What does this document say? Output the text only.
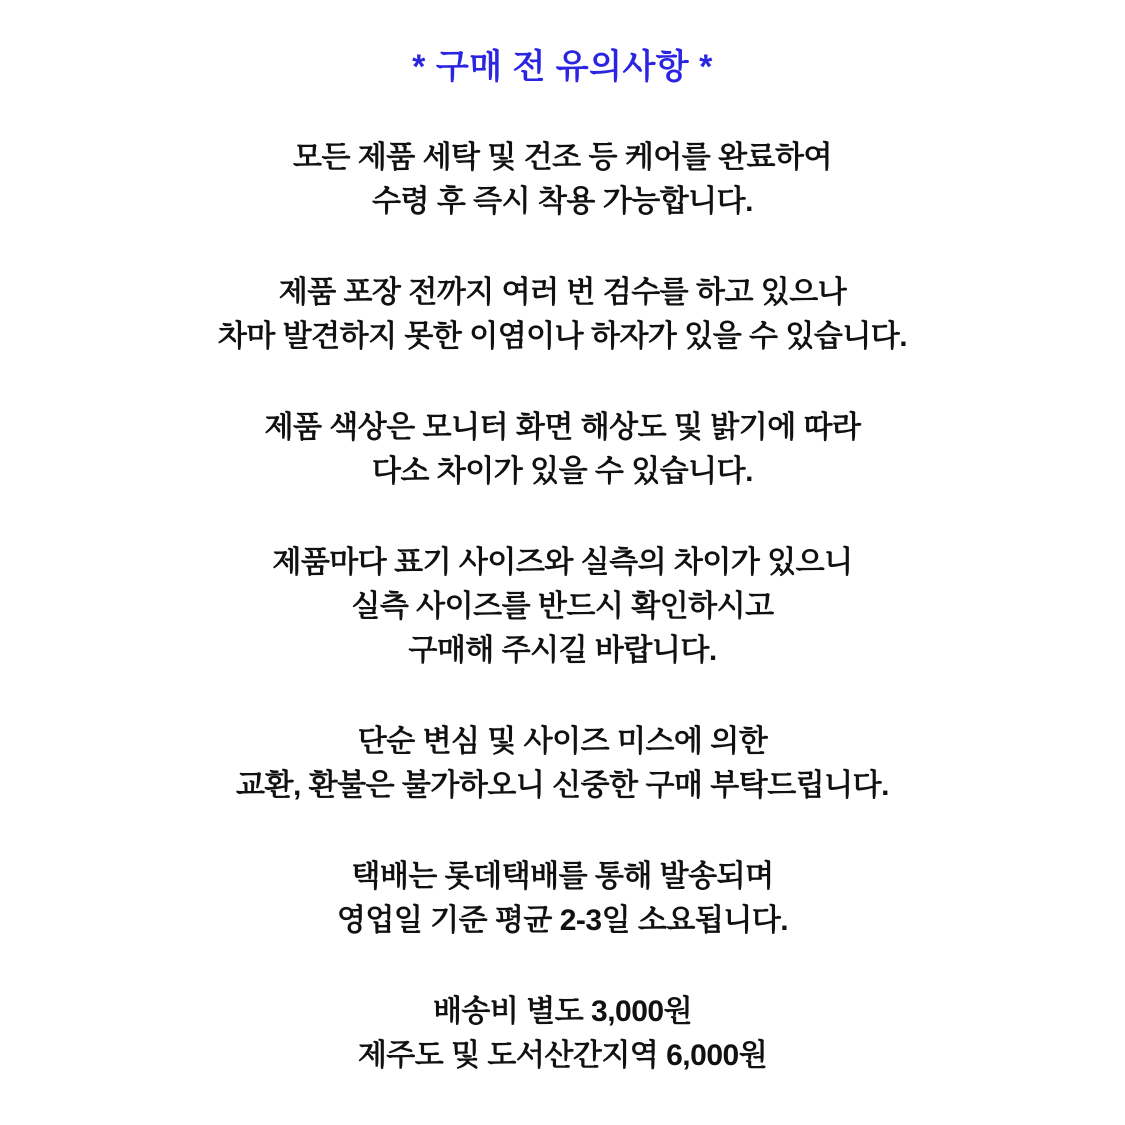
* 구매 전 유의사항 *
모든 제품 세탁 및 건조 등 케어를 완료하여
수령 후 즉시 착용 가능합니다.
제품 포장 전까지 여러 번 검수를 하고 있으나
차마 발견하지 못한 이염이나 하자가 있을 수 있습니다.
제품 색상은 모니터 화면 해상도 및 밝기에 따라
다소 차이가 있을 수 있습니다.
제품마다 표기 사이즈와 실측의 차이가 있으니
실측 사이즈를 반드시 확인하시고
구매해 주시길 바랍니다.
단순 변심 및 사이즈 미스에 의한
교환, 환불은 불가하오니 신중한 구매 부탁드립니다.
택배는 롯데택배를 통해 발송되며
영업일 기준 평균 2-3일 소요됩니다.
배송비 별도 3,000원
제주도 및 도서산간지역 6,000원
